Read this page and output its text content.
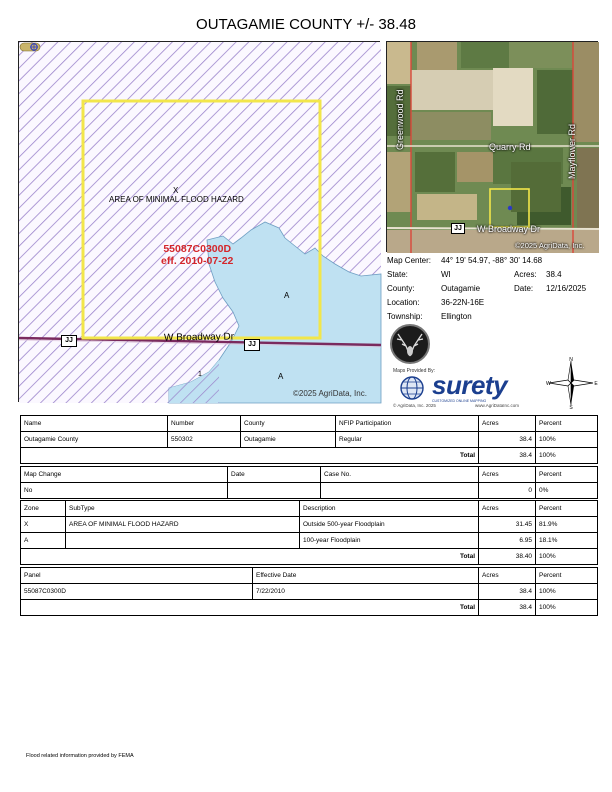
OUTAGAMIE COUNTY +/- 38.48
X
AREA OF MINIMAL FLOOD HAZARD
55087C0300D
eff. 2010-07-22
A
A
1
W Broadway Dr
JJ
JJ
©2025 AgriData, Inc.
Greenwood Rd
Mayflower Rd
Quarry Rd
W Broadway Dr
JJ
©2025 AgriData, Inc.
Map Center: 44° 19' 54.97, -88° 30' 14.68
State:	WI	Acres: 38.4
County:	Outagamie	Date: 12/16/2025
Location:	36-22N-16E
Township: Ellington
Maps Provided By:
surety
CUSTOMIZED ONLINE MAPPING
© AgriData, Inc. 2025	www.AgriDataInc.com
N
S
E
W
Name	Number	County	NFIP Participation	Acres	Percent
Outagamie County	550302	Outagamie	Regular	38.4	100%
Total				38.4	100%
Map Change	Date	Case No.	Acres	Percent
No			0	0%
Zone	SubType	Description	Acres	Percent
X	AREA OF MINIMAL FLOOD HAZARD	Outside 500-year Floodplain	31.45	81.9%
A		100-year Floodplain	6.95	18.1%
Total			38.40	100%
Panel	Effective Date	Acres	Percent
55087C0300D	7/22/2010	38.4	100%
Total		38.4	100%
Flood related information provided by FEMA
